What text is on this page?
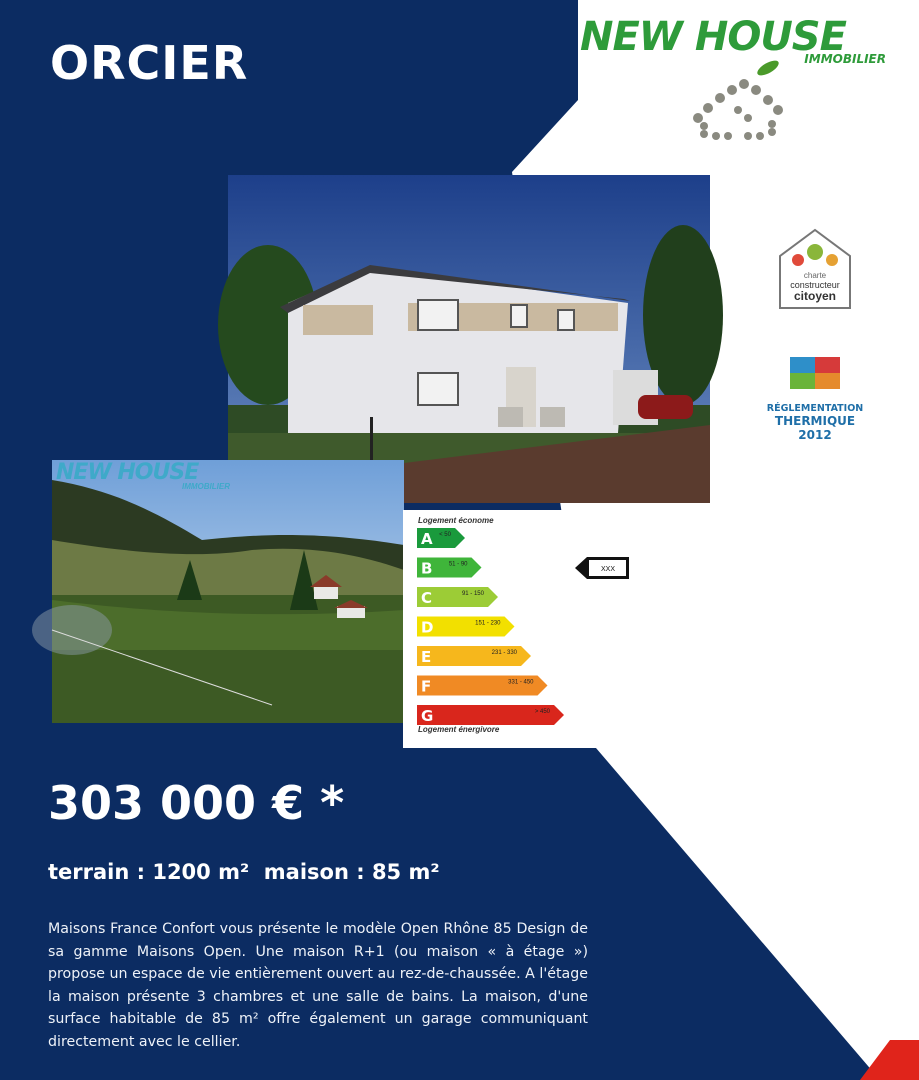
ORCIER	NEW HOUSE
IMMOBILIER
NEW HOUSE
IMMOBILIER
charte
constructeur
citoyen
RÉGLEMENTATION
THERMIQUE
2012
Logement économe
A < 50
B	51 - 90
C	91 - 150
D	151 - 230
E	231 - 330
F	331 - 450
G	> 450
Logement énergivore
XXX
303 000 € *
terrain : 1200 m²  maison : 85 m²

Maisons France Confort vous présente le modèle Open Rhône 85 Design de sa gamme Maisons Open. Une maison R+1 (ou maison « à étage ») propose un espace de vie entièrement ouvert au rez-de-chaussée. A l'étage la maison présente 3 chambres et une salle de bains. La maison, d'une surface habitable de 85 m² offre également un garage communiquant directement avec le cellier.
